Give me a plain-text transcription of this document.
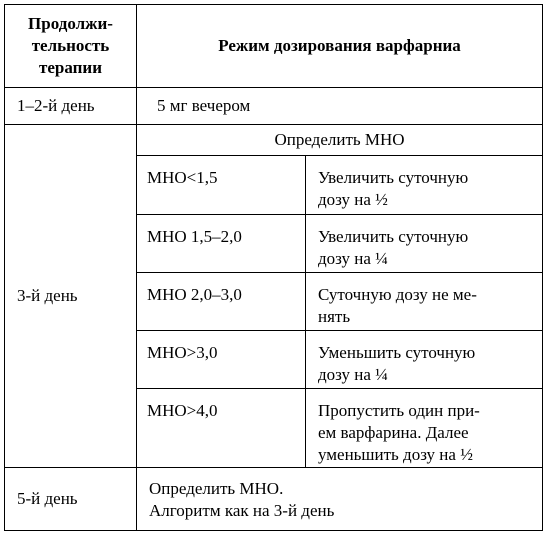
Продолжи-
тельность
терапии	Режим дозирования варфарниа	
1–2-й день	5 мг вечером	
3-й день	Определить МНО	
	МНО<1,5	Увеличить суточную
дозу на ½

	МНО 1,5–2,0	Увеличить суточную
дозу на ¼

	МНО 2,0–3,0	Суточную дозу не ме-
нять

	МНО>3,0	Уменьшить суточную
дозу на ¼

	МНО>4,0	Пропустить один при-
ем варфарина. Далее
уменьшить дозу на ½

5-й день	Определить МНО.
Алгоритм как на 3-й день	
